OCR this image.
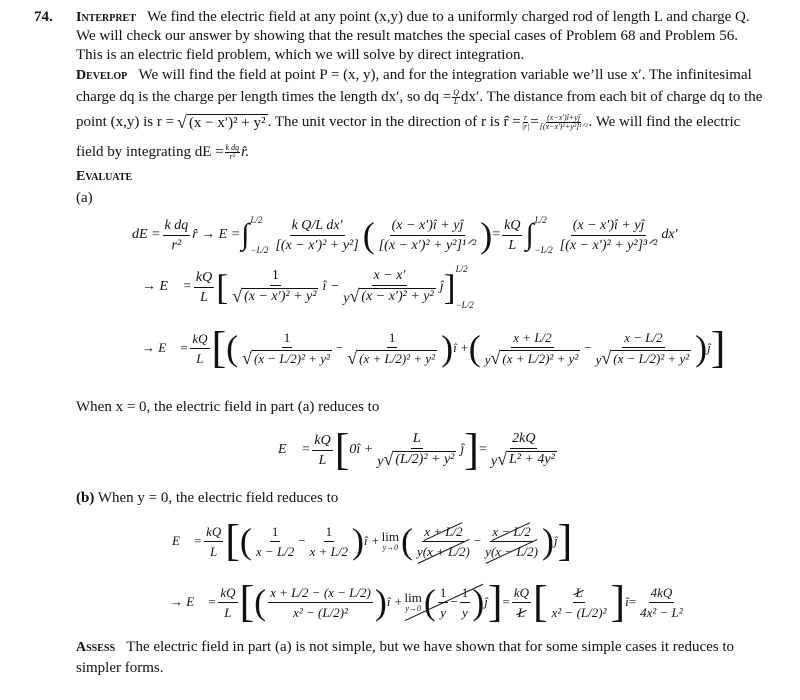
74. Interpret We find the electric field at any point (x,y) due to a uniformly charged rod of length L and charge Q.
We will check our answer by showing that the result matches the special cases of Problem 68 and Problem 56.
This is an electric field problem, which we will solve by direct integration.
Develop We will find the field at point P = (x, y), and for the integration variable we’ll use x′. The infinitesimal
charge dq is the charge per length times the length dx′, so dq = $\frac{Q}{L} dx'$. The distance from each bit of charge dq to the
point (x,y) is r = √ (x − x′)² + y² . The unit vector in the direction of r is r̂ = $\frac{r}{|r|}$ = (x−x′)î+yĵ
[(x−x′)²+y²]¹ᐟ² . We will find the electric
field by integrating dE = $\frac{\text{k dq}}{\text{r²}}$ r̂.
Evaluate
(a)
dE = $\frac{\text{k dq}}{\text{r²}}$ r̂ → E = ∫ L/2
$-L/2 \frac{\text{k Q/L dx′}}{\text{[(x − x′)² + y²]}}$ ( $\frac{(x - x')î + yĵ}{\text{[(x − x′)² + y²]¹ᐟ²}}$ ) = $\frac{kQ}{L}$ ∫ L/2
$-L/2 \frac{(x - x')î + yĵ}{\text{[(x − x′)² + y²]³ᐟ²}} dx'$
→ E⃗ = $\frac{kQ}{L}$ [ $\frac{1}{\text{√ (x − x′)² + y²}}$ î − $\frac{x - x'}{\text{y √ (x − x′)² + y²}}$ ĵ ] L/2
−L/2
→ E⃗ = $\frac{kQ}{L}$ [ ( $\frac{1}{\text{√ (x − L/2)² + y²}} - \frac{1}{\text{√ (x + L/2)² + y²}}$ ) î + ( $\frac{x + L/2}{\text{y √ (x + L/2)² + y²}} - \frac{x - L/2}{\text{y √ (x − L/2)² + y²}}$ ) ĵ ]
When x = 0, the electric field in part (a) reduces to
E⃗ = $\frac{kQ}{L}$ [ 0î + $\frac{L}{\text{y √ (L/2)² + y²}}$ ĵ ] = $\frac{2kQ}{\text{y √ L² + 4y²}}$
(b) When y = 0, the electric field reduces to
E⃗ = $\frac{kQ}{L}$ [ ( $\frac{1}{x - L/2} - \frac{1}{x + L/2}$ ) î + lim
y→0 ( $\frac{x + L/2}{y(x + L/2)} - \frac{x - L/2}{y(x - L/2)}$ ) ĵ ]
→ E⃗ = $\frac{kQ}{L}$ [ ( $\frac{x + L/2 - (x - L/2)}{\text{x² − (L/2)²}}$ ) î + lim
y→0 ( $\frac{1}{y} - \frac{1}{y}$ ) ĵ ] = $\frac{kQ}{L}$ [ $\frac{L}{\text{x² − (L/2)²}}$ ] î = $\frac{4kQ}{\text{4x² − L²}}$
Assess The electric field in part (a) is not simple, but we have shown that for some simple cases it reduces to
simpler forms.
